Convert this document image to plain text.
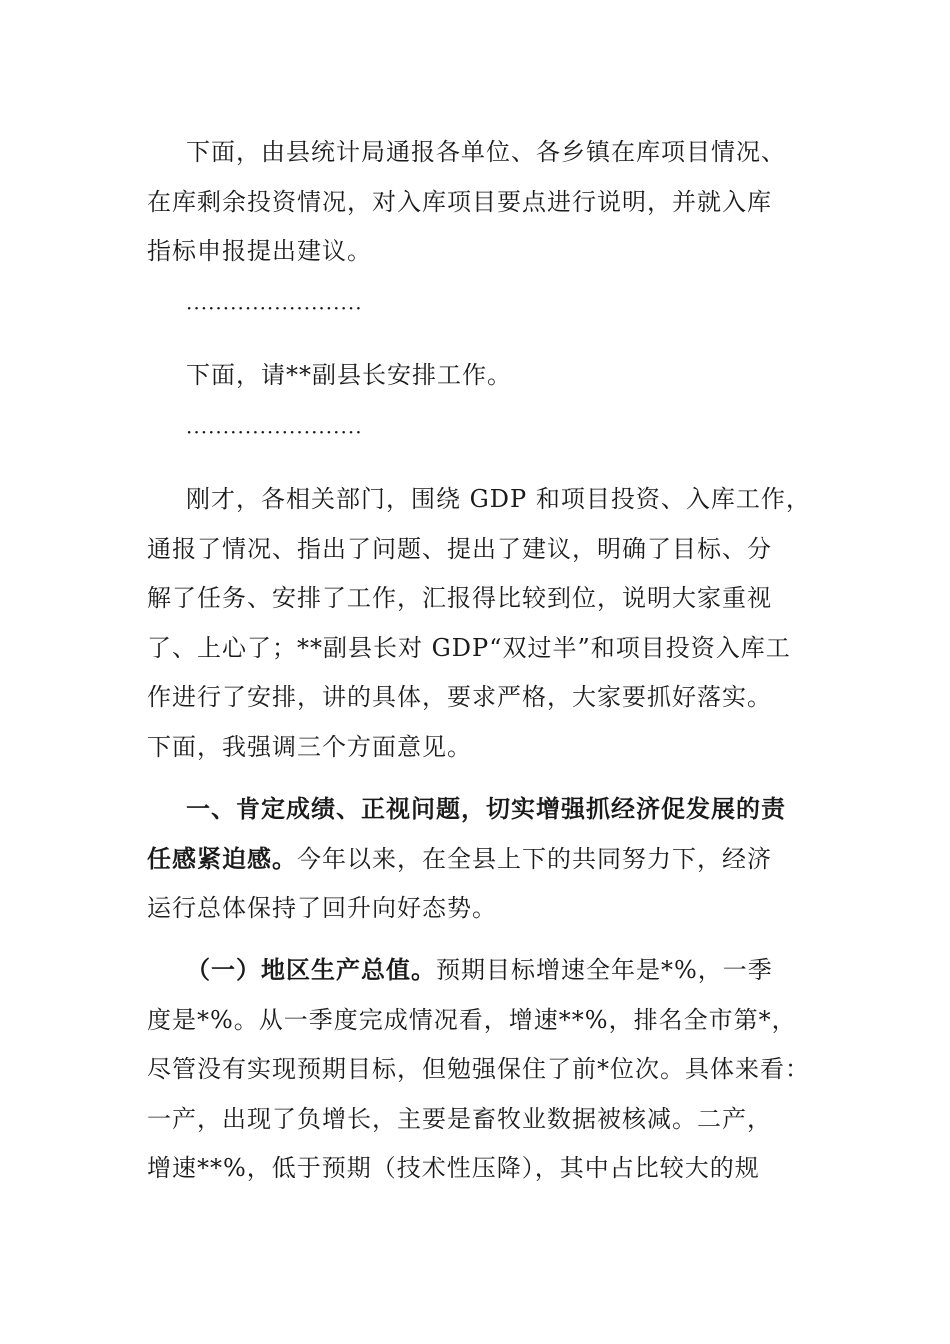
下面，由县统计局通报各单位、各乡镇在库项目情况、
在库剩余投资情况，对入库项目要点进行说明，并就入库
指标申报提出建议。
························
下面，请**副县长安排工作。
························
刚才，各相关部门，围绕 GDP 和项目投资、入库工作，
通报了情况、指出了问题、提出了建议，明确了目标、分
解了任务、安排了工作，汇报得比较到位，说明大家重视
了、上心了；**副县长对 GDP“双过半”和项目投资入库工
作进行了安排，讲的具体，要求严格，大家要抓好落实。
下面，我强调三个方面意见。
一、肯定成绩、正视问题，切实增强抓经济促发展的责
任感紧迫感。今年以来，在全县上下的共同努力下，经济
运行总体保持了回升向好态势。
（一）地区生产总值。预期目标增速全年是*%，一季
度是*%。从一季度完成情况看，增速**%，排名全市第*，
尽管没有实现预期目标，但勉强保住了前*位次。具体来看：
一产，出现了负增长，主要是畜牧业数据被核减。二产，
增速**%，低于预期（技术性压降），其中占比较大的规
